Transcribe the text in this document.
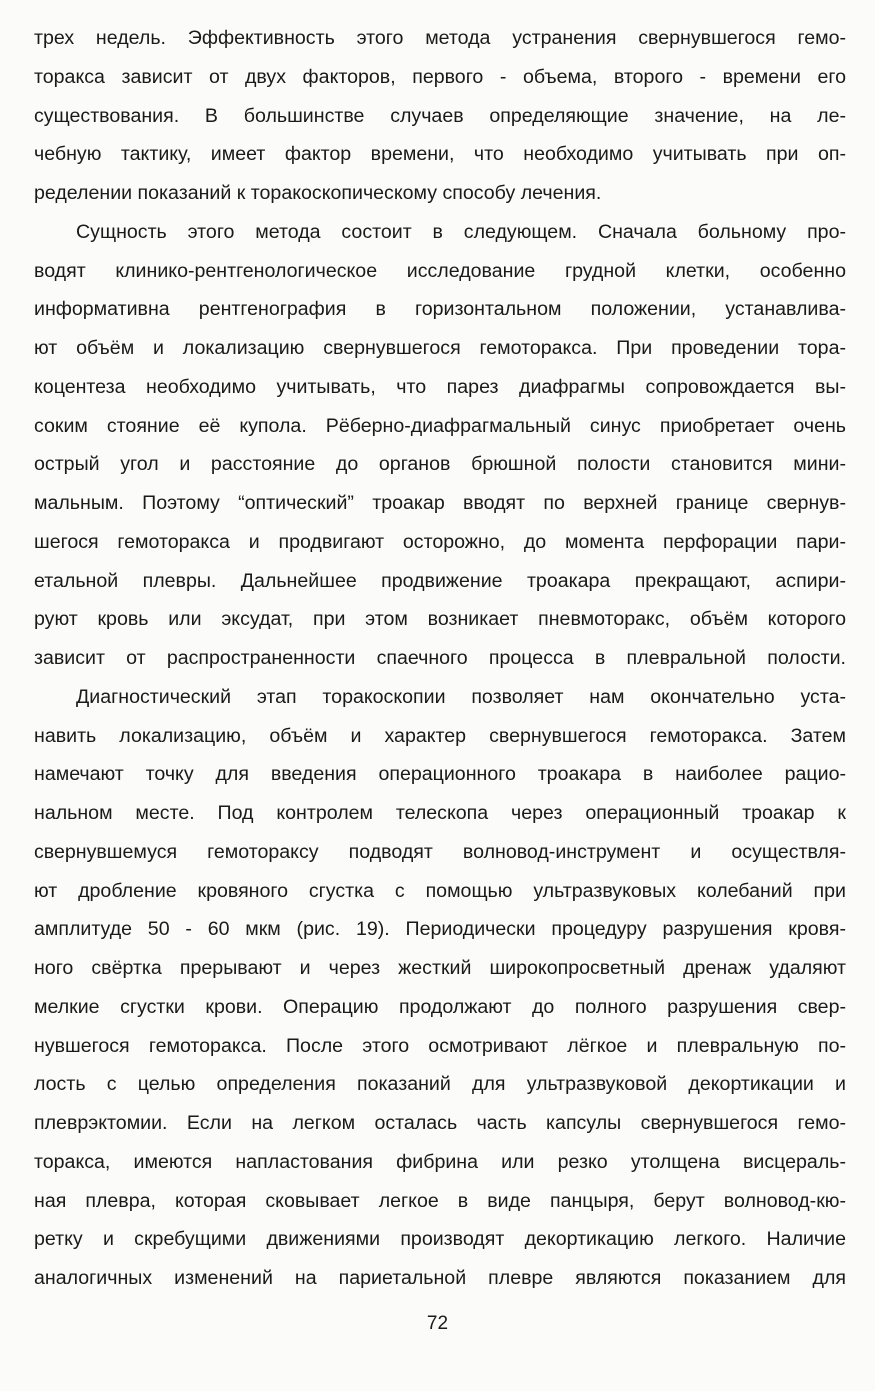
трех недель. Эффективность этого метода устранения свернувшегося гемо-
торакса зависит от двух факторов, первого - объема, второго - времени его
существования. В большинстве случаев определяющие значение, на ле-
чебную тактику, имеет фактор времени, что необходимо учитывать при оп-
ределении показаний к торакоскопическому способу лечения.
Сущность этого метода состоит в следующем. Сначала больному про-
водят клинико-рентгенологическое исследование грудной клетки, особенно
информативна рентгенография в горизонтальном положении, устанавлива-
ют объём и локализацию свернувшегося гемоторакса. При проведении тора-
коцентеза необходимо учитывать, что парез диафрагмы сопровождается вы-
соким стояние её купола. Рёберно-диафрагмальный синус приобретает очень
острый угол и расстояние до органов брюшной полости становится мини-
мальным. Поэтому “оптический” троакар вводят по верхней границе свернув-
шегося гемоторакса и продвигают осторожно, до момента перфорации пари-
етальной плевры. Дальнейшее продвижение троакара прекращают, аспири-
руют кровь или эксудат, при этом возникает пневмоторакс, объём которого
зависит от распространенности спаечного процесса в плевральной полости.
Диагностический этап торакоскопии позволяет нам окончательно уста-
навить локализацию, объём и характер свернувшегося гемоторакса. Затем
намечают точку для введения операционного троакара в наиболее рацио-
нальном месте. Под контролем телескопа через операционный троакар к
свернувшемуся гемотораксу подводят волновод-инструмент и осуществля-
ют дробление кровяного сгустка с помощью ультразвуковых колебаний при
амплитуде 50 - 60 мкм (рис. 19). Периодически процедуру разрушения кровя-
ного свёртка прерывают и через жесткий широкопросветный дренаж удаляют
мелкие сгустки крови. Операцию продолжают до полного разрушения свер-
нувшегося гемоторакса. После этого осмотривают лёгкое и плевральную по-
лость с целью определения показаний для ультразвуковой декортикации и
плеврэктомии. Если на легком осталась часть капсулы свернувшегося гемо-
торакса, имеются напластования фибрина или резко утолщена висцераль-
ная плевра, которая сковывает легкое в виде панцыря, берут волновод-кю-
ретку и скребущими движениями производят декортикацию легкого. Наличие
аналогичных изменений на париетальной плевре являются показанием для
72
